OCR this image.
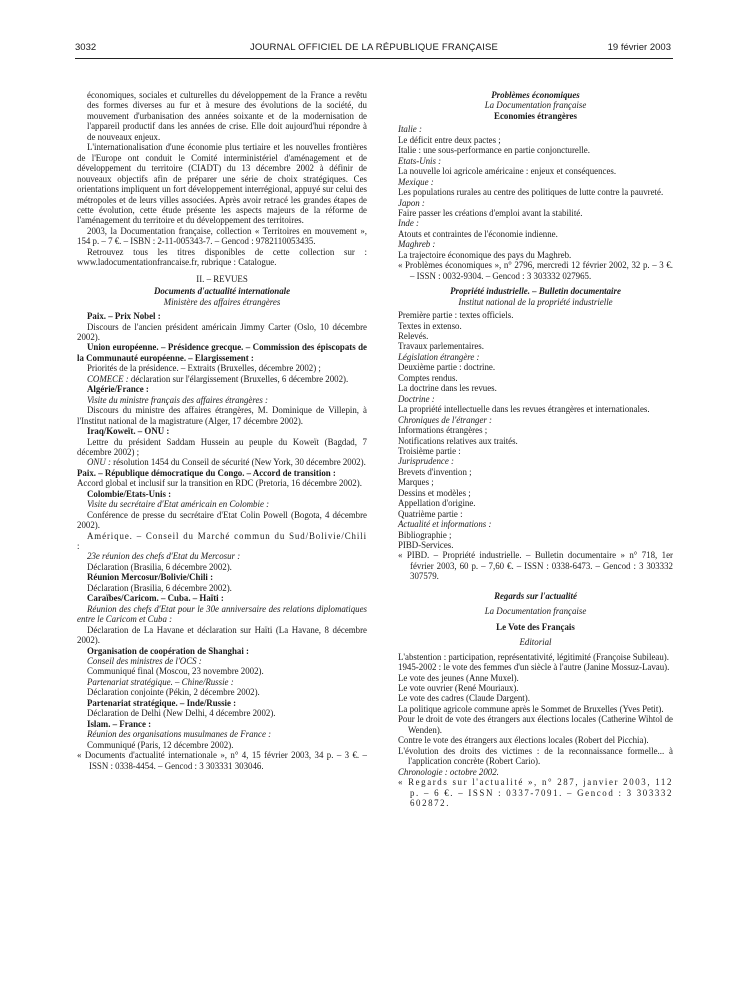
3032	JOURNAL OFFICIEL DE LA RÉPUBLIQUE FRANÇAISE	19 février 2003

économiques, sociales et culturelles du développement de la France a revêtu des formes diverses au fur et à mesure des évolutions de la société, du mouvement d'urbanisation des années soixante et de la modernisation de l'appareil productif dans les années de crise. Elle doit aujourd'hui répondre à de nouveaux enjeux.

L'internationalisation d'une économie plus tertiaire et les nouvelles frontières de l'Europe ont conduit le Comité interministériel d'aménagement et de développement du territoire (CIADT) du 13 décembre 2002 à définir de nouveaux objectifs afin de préparer une série de choix stratégiques. Ces orientations impliquent un fort développement interrégional, appuyé sur celui des métropoles et de leurs villes associées. Après avoir retracé les grandes étapes de cette évolution, cette étude présente les aspects majeurs de la réforme de l'aménagement du territoire et du développement des territoires.

2003, la Documentation française, collection « Territoires en mouvement », 154 p. – 7 €. – ISBN : 2-11-005343-7. – Gencod : 9782110053435.

Retrouvez tous les titres disponibles de cette collection sur : www.ladocumentationfrancaise.fr, rubrique : Catalogue.

II. – REVUES

Documents d'actualité internationale

Ministère des affaires étrangères

Paix. – Prix Nobel :

Discours de l'ancien président américain Jimmy Carter (Oslo, 10 décembre 2002).

Union européenne. – Présidence grecque. – Commission des épiscopats de la Communauté européenne. – Elargissement :

Priorités de la présidence. – Extraits (Bruxelles, décembre 2002) ;

COMECE : déclaration sur l'élargissement (Bruxelles, 6 décembre 2002).

Algérie/France :

Visite du ministre français des affaires étrangères :

Discours du ministre des affaires étrangères, M. Dominique de Villepin, à l'Institut national de la magistrature (Alger, 17 décembre 2002).

Iraq/Koweït. – ONU :

Lettre du président Saddam Hussein au peuple du Koweït (Bagdad, 7 décembre 2002) ;

ONU : résolution 1454 du Conseil de sécurité (New York, 30 décembre 2002).

Paix. – République démocratique du Congo. – Accord de transition :

Accord global et inclusif sur la transition en RDC (Pretoria, 16 décembre 2002).

Colombie/Etats-Unis :

Visite du secrétaire d'Etat américain en Colombie :

Conférence de presse du secrétaire d'Etat Colin Powell (Bogota, 4 décembre 2002).

Amérique. – Conseil du Marché commun du Sud/Bolivie/Chili :

23e réunion des chefs d'Etat du Mercosur :

Déclaration (Brasilia, 6 décembre 2002).

Réunion Mercosur/Bolivie/Chili :

Déclaration (Brasilia, 6 décembre 2002).

Caraïbes/Caricom. – Cuba. – Haïti :

Réunion des chefs d'Etat pour le 30e anniversaire des relations diplomatiques entre le Caricom et Cuba :

Déclaration de La Havane et déclaration sur Haïti (La Havane, 8 décembre 2002).

Organisation de coopération de Shanghai :

Conseil des ministres de l'OCS :

Communiqué final (Moscou, 23 novembre 2002).

Partenariat stratégique. – Chine/Russie :

Déclaration conjointe (Pékin, 2 décembre 2002).

Partenariat stratégique. – Inde/Russie :

Déclaration de Delhi (New Delhi, 4 décembre 2002).

Islam. – France :

Réunion des organisations musulmanes de France :

Communiqué (Paris, 12 décembre 2002).

« Documents d'actualité internationale », n° 4, 15 février 2003, 34 p. – 3 €. – ISSN : 0338-4454. – Gencod : 3 303331 303046.

Problèmes économiques

La Documentation française

Economies étrangères

Italie :

Le déficit entre deux pactes ;

Italie : une sous-performance en partie conjoncturelle.

Etats-Unis :

La nouvelle loi agricole américaine : enjeux et conséquences.

Mexique :

Les populations rurales au centre des politiques de lutte contre la pauvreté.

Japon :

Faire passer les créations d'emploi avant la stabilité.

Inde :

Atouts et contraintes de l'économie indienne.

Maghreb :

La trajectoire économique des pays du Maghreb.

« Problèmes économiques », n° 2796, mercredi 12 février 2002, 32 p. – 3 €. – ISSN : 0032-9304. – Gencod : 3 303332 027965.

Propriété industrielle. – Bulletin documentaire

Institut national de la propriété industrielle

Première partie : textes officiels.

Textes in extenso.

Relevés.

Travaux parlementaires.

Législation étrangère :

Deuxième partie : doctrine.

Comptes rendus.

La doctrine dans les revues.

Doctrine :

La propriété intellectuelle dans les revues étrangères et internationales.

Chroniques de l'étranger :

Informations étrangères ;

Notifications relatives aux traités.

Troisième partie :

Jurisprudence :

Brevets d'invention ;

Marques ;

Dessins et modèles ;

Appellation d'origine.

Quatrième partie :

Actualité et informations :

Bibliographie ;

PIBD-Services.

« PIBD. – Propriété industrielle. – Bulletin documentaire » n° 718, 1er février 2003, 60 p. – 7,60 €. – ISSN : 0338-6473. – Gencod : 3 303332 307579.

Regards sur l'actualité

La Documentation française

Le Vote des Français

Editorial

L'abstention : participation, représentativité, légitimité (Françoise Subileau).

1945-2002 : le vote des femmes d'un siècle à l'autre (Janine Mossuz-Lavau).

Le vote des jeunes (Anne Muxel).

Le vote ouvrier (René Mouriaux).

Le vote des cadres (Claude Dargent).

La politique agricole commune après le Sommet de Bruxelles (Yves Petit).

Pour le droit de vote des étrangers aux élections locales (Catherine Wihtol de Wenden).

Contre le vote des étrangers aux élections locales (Robert del Picchia).

L'évolution des droits des victimes : de la reconnaissance formelle... à l'application concrète (Robert Cario).

Chronologie : octobre 2002.

« Regards sur l'actualité », n° 287, janvier 2003, 112 p. – 6 €. – ISSN : 0337-7091. – Gencod : 3 303332 602872.
